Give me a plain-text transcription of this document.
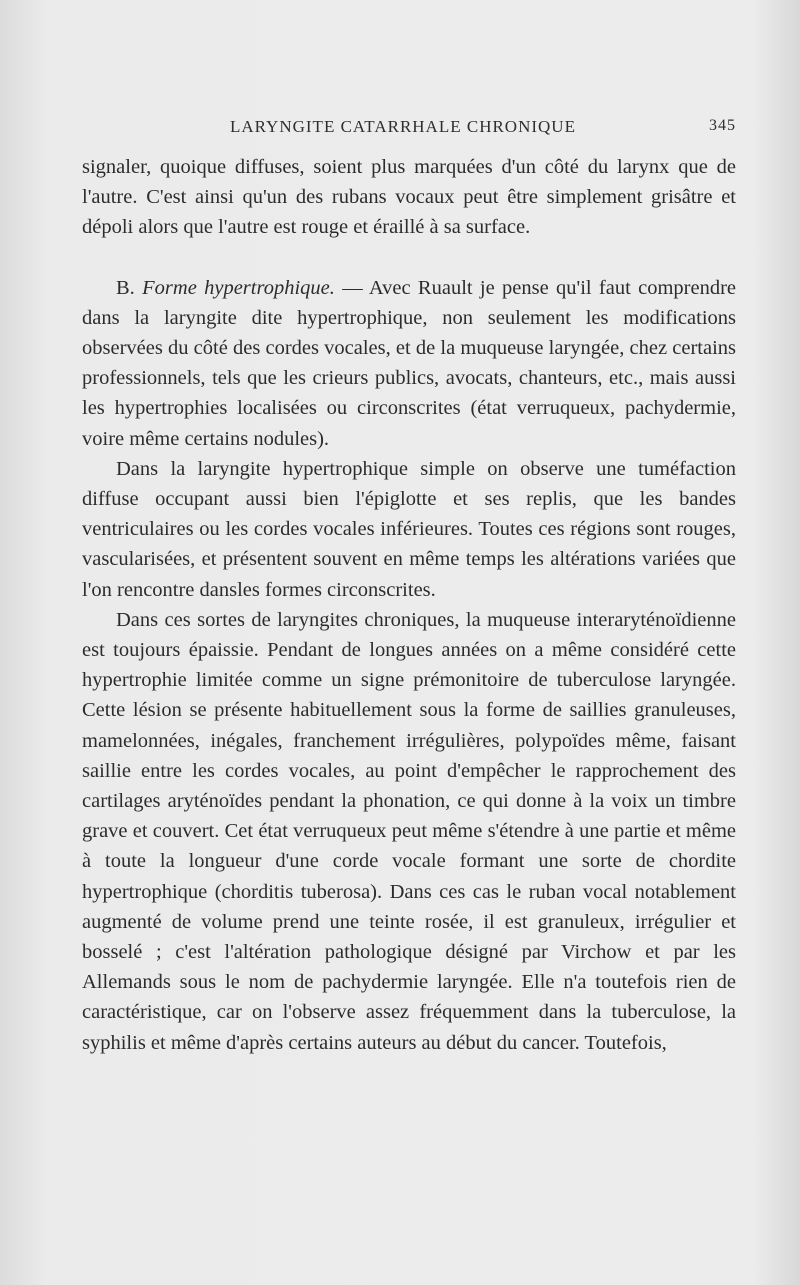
LARYNGITE CATARRHALE CHRONIQUE	345

signaler, quoique diffuses, soient plus marquées d'un côté du larynx que de l'autre. C'est ainsi qu'un des rubans vocaux peut être simplement grisâtre et dépoli alors que l'autre est rouge et éraillé à sa surface.

B. Forme hypertrophique. — Avec Ruault je pense qu'il faut comprendre dans la laryngite dite hypertrophique, non seulement les modifications observées du côté des cordes vocales, et de la muqueuse laryngée, chez certains professionnels, tels que les crieurs publics, avocats, chanteurs, etc., mais aussi les hypertrophies localisées ou circonscrites (état verruqueux, pachydermie, voire même certains nodules).

Dans la laryngite hypertrophique simple on observe une tuméfaction diffuse occupant aussi bien l'épiglotte et ses replis, que les bandes ventriculaires ou les cordes vocales inférieures. Toutes ces régions sont rouges, vascularisées, et présentent souvent en même temps les altérations variées que l'on rencontre dansles formes circonscrites.

Dans ces sortes de laryngites chroniques, la muqueuse interaryténoïdienne est toujours épaissie. Pendant de longues années on a même considéré cette hypertrophie limitée comme un signe prémonitoire de tuberculose laryngée. Cette lésion se présente habituellement sous la forme de saillies granuleuses, mamelonnées, inégales, franchement irrégulières, polypoïdes même, faisant saillie entre les cordes vocales, au point d'empêcher le rapprochement des cartilages aryténoïdes pendant la phonation, ce qui donne à la voix un timbre grave et couvert. Cet état verruqueux peut même s'étendre à une partie et même à toute la longueur d'une corde vocale formant une sorte de chordite hypertrophique (chorditis tuberosa). Dans ces cas le ruban vocal notablement augmenté de volume prend une teinte rosée, il est granuleux, irrégulier et bosselé ; c'est l'altération pathologique désigné par Virchow et par les Allemands sous le nom de pachydermie laryngée. Elle n'a toutefois rien de caractéristique, car on l'observe assez fréquemment dans la tuberculose, la syphilis et même d'après certains auteurs au début du cancer. Toutefois,
